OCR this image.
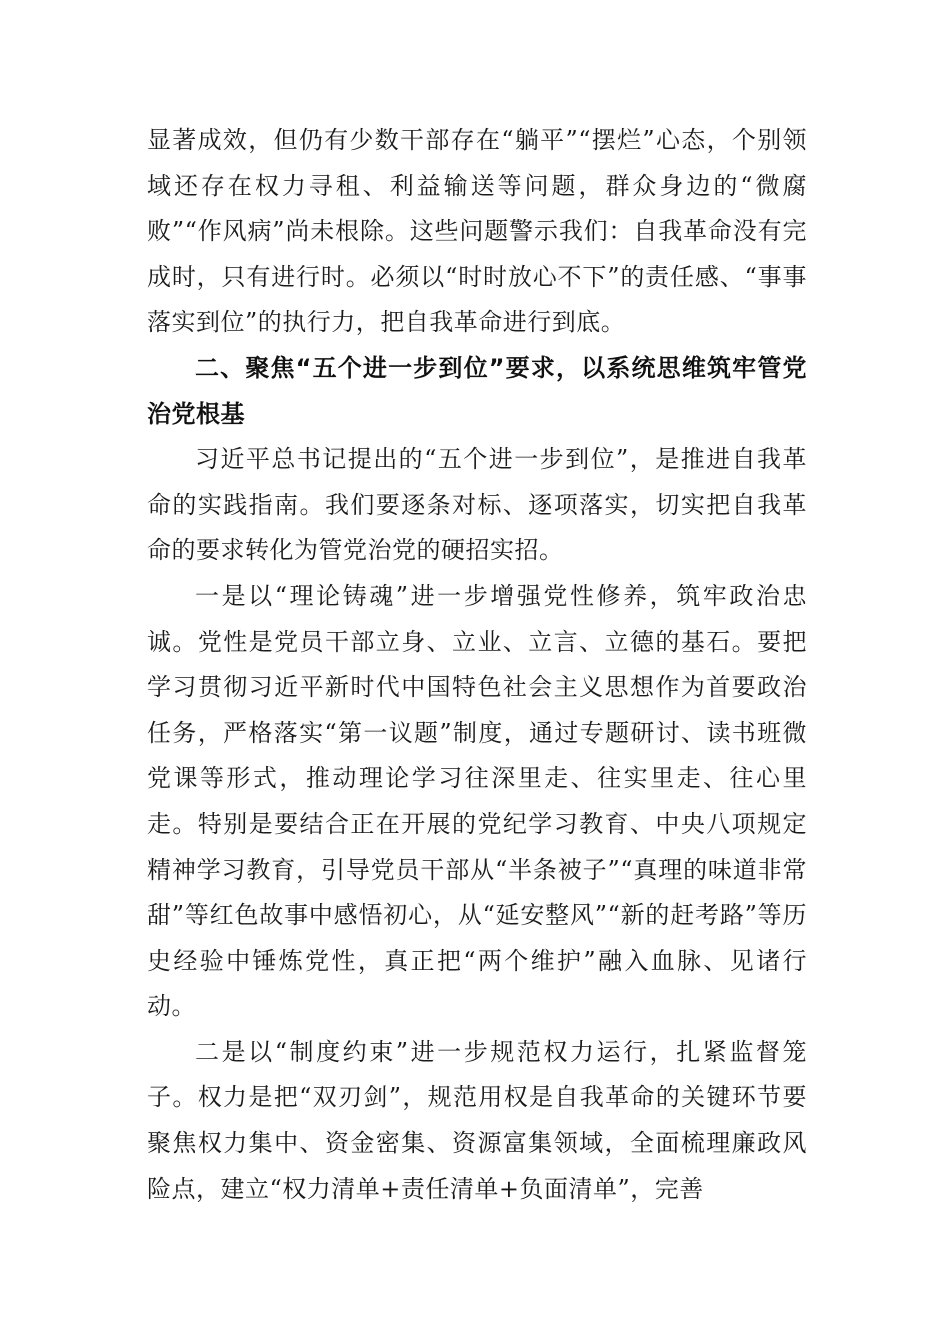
显著成效，但仍有少数干部存在“躺平”“摆烂”心态，个别领域还存在权力寻租、利益输送等问题，群众身边的“微腐败”“作风病”尚未根除。这些问题警示我们：自我革命没有完成时，只有进行时。必须以“时时放心不下”的责任感、“事事落实到位”的执行力，把自我革命进行到底。

二、聚焦“五个进一步到位”要求，以系统思维筑牢管党治党根基

习近平总书记提出的“五个进一步到位”，是推进自我革命的实践指南。我们要逐条对标、逐项落实，切实把自我革命的要求转化为管党治党的硬招实招。

一是以“理论铸魂”进一步增强党性修养，筑牢政治忠诚。党性是党员干部立身、立业、立言、立德的基石。要把学习贯彻习近平新时代中国特色社会主义思想作为首要政治任务，严格落实“第一议题”制度，通过专题研讨、读书班微党课等形式，推动理论学习往深里走、往实里走、往心里走。特别是要结合正在开展的党纪学习教育、中央八项规定精神学习教育，引导党员干部从“半条被子”“真理的味道非常甜”等红色故事中感悟初心，从“延安整风”“新的赶考路”等历史经验中锤炼党性，真正把“两个维护”融入血脉、见诸行动。

二是以“制度约束”进一步规范权力运行，扎紧监督笼子。权力是把“双刃剑”，规范用权是自我革命的关键环节要聚焦权力集中、资金密集、资源富集领域，全面梳理廉政风险点，建立“权力清单+责任清单+负面清单”，完善
